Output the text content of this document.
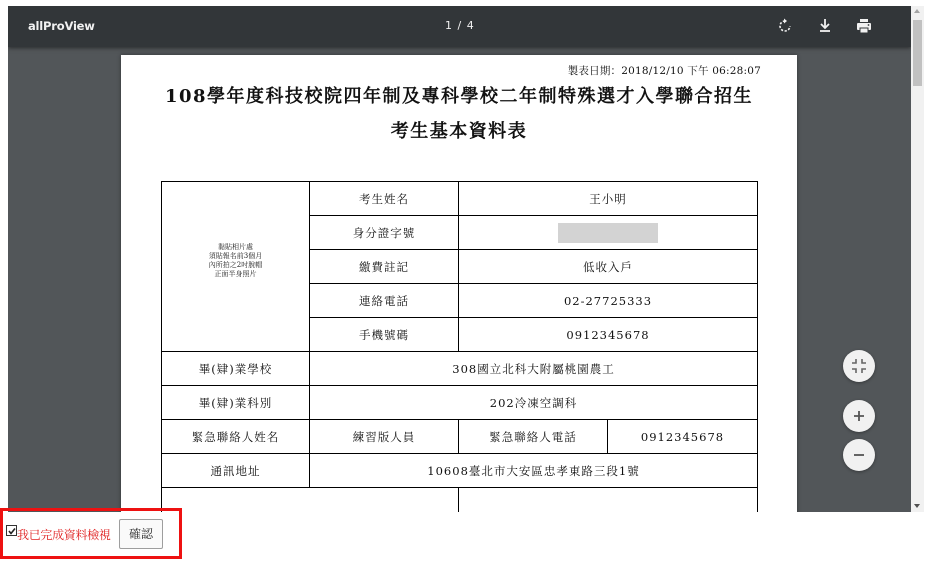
allProView	1 / 4
製表日期：2018/12/10 下午 06:28:07
108學年度科技校院四年制及專科學校二年制特殊選才入學聯合招生
考生基本資料表
黏貼相片處
須貼報名前3個月
內所拍之2吋脫帽
正面半身照片	考生姓名	王小明	
	身分證字號		
	繳費註記	低收入戶	
	連絡電話	02-27725333	
	手機號碼	0912345678	
畢(肄)業學校	308國立北科大附屬桃園農工		
畢(肄)業科別	202冷凍空調科		
緊急聯絡人姓名	練習版人員	緊急聯絡人電話	0912345678
通訊地址	10608臺北市大安區忠孝東路三段1號		

我已完成資料檢視	確認
